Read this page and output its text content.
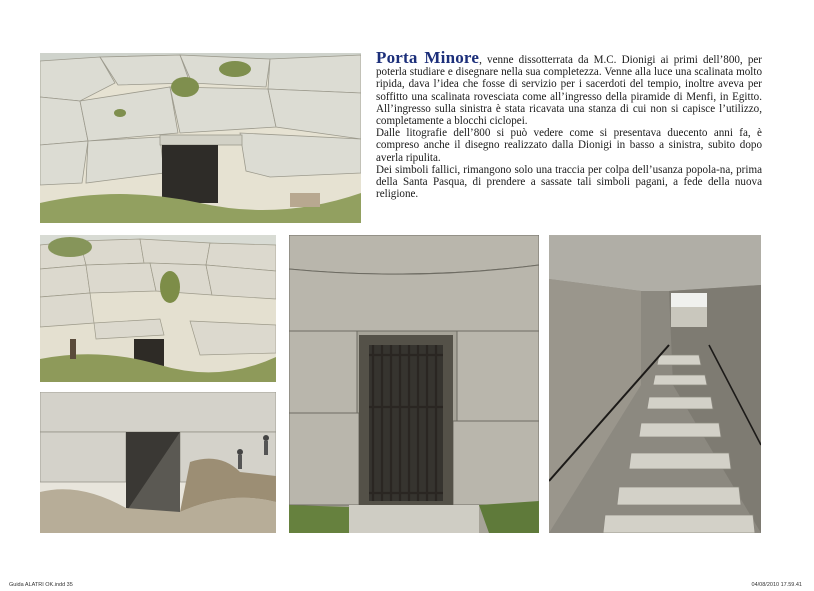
Porta Minore, venne dissotterrata da M.C. Dionigi ai primi dell’800, per poterla studiare e disegnare nella sua completezza. Venne alla luce una scalinata molto ripida, dava l’idea che fosse di servizio per i sacerdoti del tempio, inoltre aveva per soffitto una scalinata rovesciata come all’ingresso della piramide di Menfi, in Egitto. All’ingresso sulla sinistra è stata ricavata una stanza di cui non si capisce l’utilizzo, completamente a blocchi ciclopei.

Dalle litografie dell’800 si può vedere come si presentava duecento anni fa, è compreso anche il disegno realizzato dalla Dionigi in basso a sinistra, subito dopo averla ripulita.

Dei simboli fallici, rimangono solo una traccia per colpa dell’usanza popola-na, prima della Santa Pasqua, di prendere a sassate tali simboli pagani, a fede della nuova religione.

Guida ALATRI OK.indd 35	04/08/2010 17.59.41
